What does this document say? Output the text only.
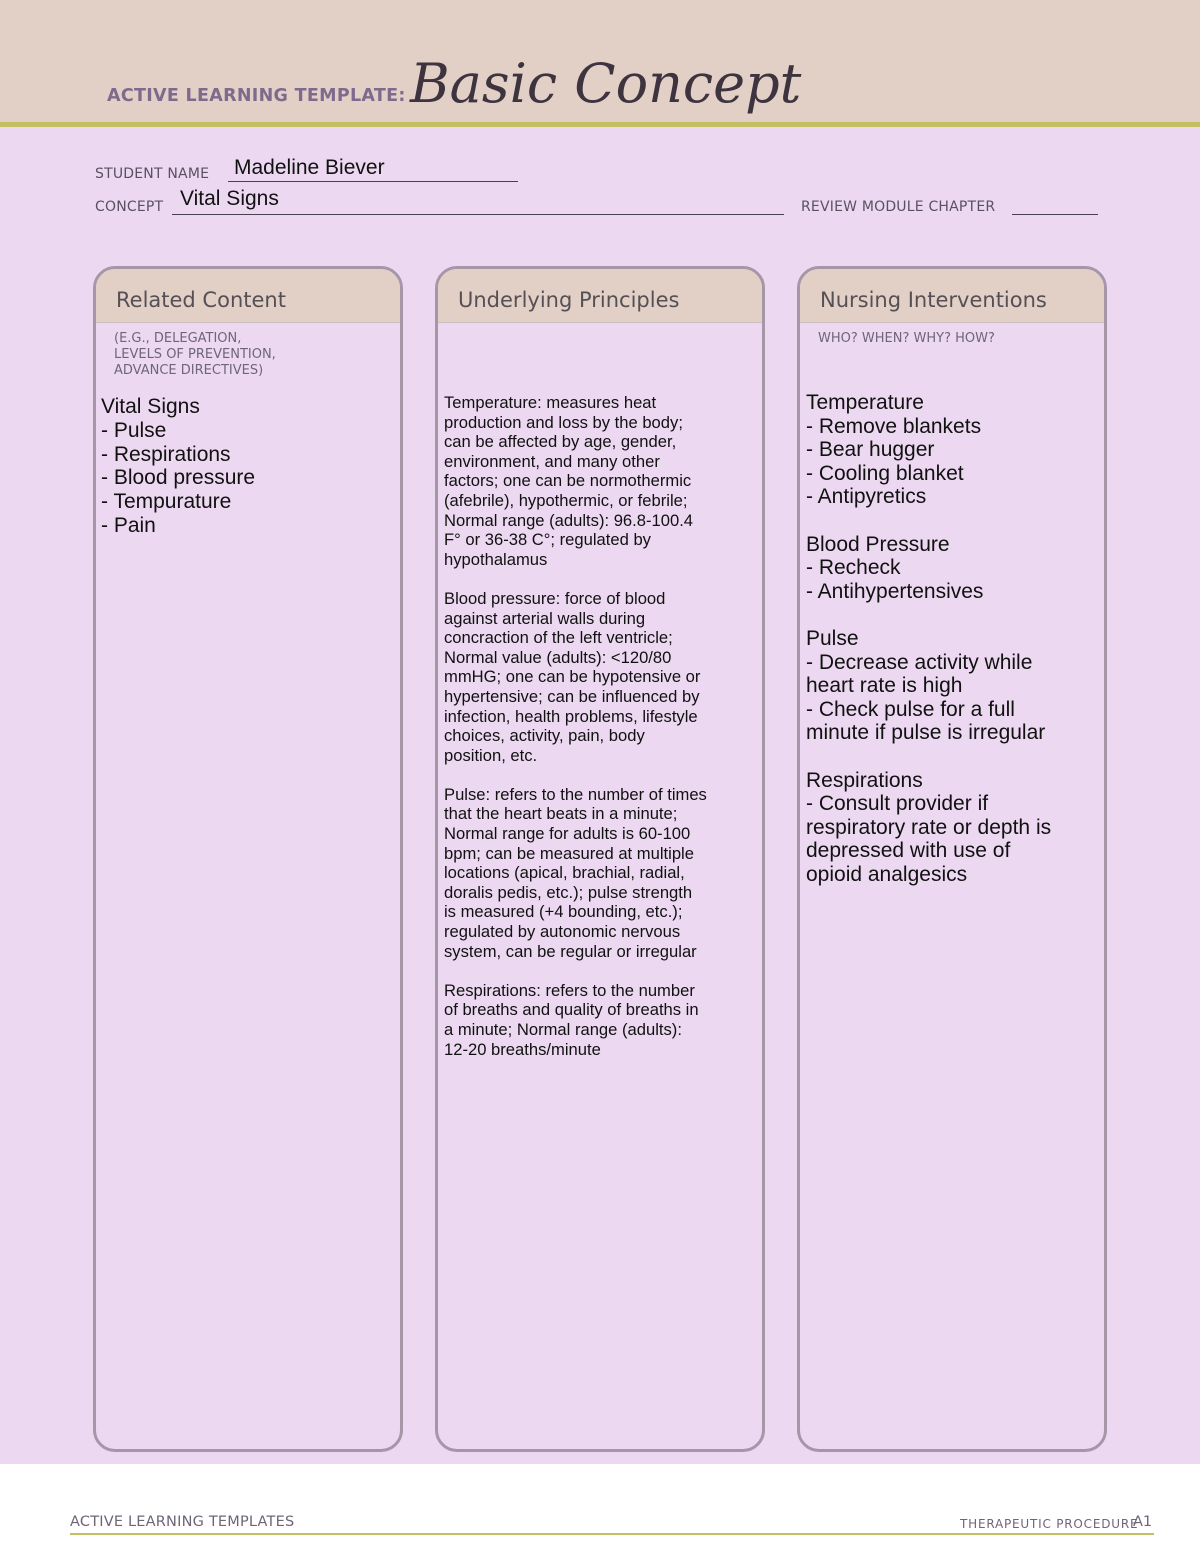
ACTIVE LEARNING TEMPLATE: Basic Concept
STUDENT NAME Madeline Biever
CONCEPT Vital Signs	REVIEW MODULE CHAPTER
Related Content
(E.G., DELEGATION,
LEVELS OF PREVENTION,
ADVANCE DIRECTIVES)
Vital Signs
- Pulse
- Respirations
- Blood pressure
- Tempurature
- Pain
Underlying Principles
Temperature: measures heat
production and loss by the body;
can be affected by age, gender,
environment, and many other
factors; one can be normothermic
(afebrile), hypothermic, or febrile;
Normal range (adults): 96.8-100.4
F° or 36-38 C°; regulated by
hypothalamus

Blood pressure: force of blood
against arterial walls during
concraction of the left ventricle;
Normal value (adults): <120/80
mmHG; one can be hypotensive or
hypertensive; can be influenced by
infection, health problems, lifestyle
choices, activity, pain, body
position, etc.

Pulse: refers to the number of times
that the heart beats in a minute;
Normal range for adults is 60-100
bpm; can be measured at multiple
locations (apical, brachial, radial,
doralis pedis, etc.); pulse strength
is measured (+4 bounding, etc.);
regulated by autonomic nervous
system, can be regular or irregular

Respirations: refers to the number
of breaths and quality of breaths in
a minute; Normal range (adults):
12-20 breaths/minute
Nursing Interventions
WHO? WHEN? WHY? HOW?
Temperature
- Remove blankets
- Bear hugger
- Cooling blanket
- Antipyretics

Blood Pressure
- Recheck
- Antihypertensives

Pulse
- Decrease activity while
heart rate is high
- Check pulse for a full
minute if pulse is irregular

Respirations
- Consult provider if
respiratory rate or depth is
depressed with use of
opioid analgesics
ACTIVE LEARNING TEMPLATES	THERAPEUTIC PROCEDURE
A1
